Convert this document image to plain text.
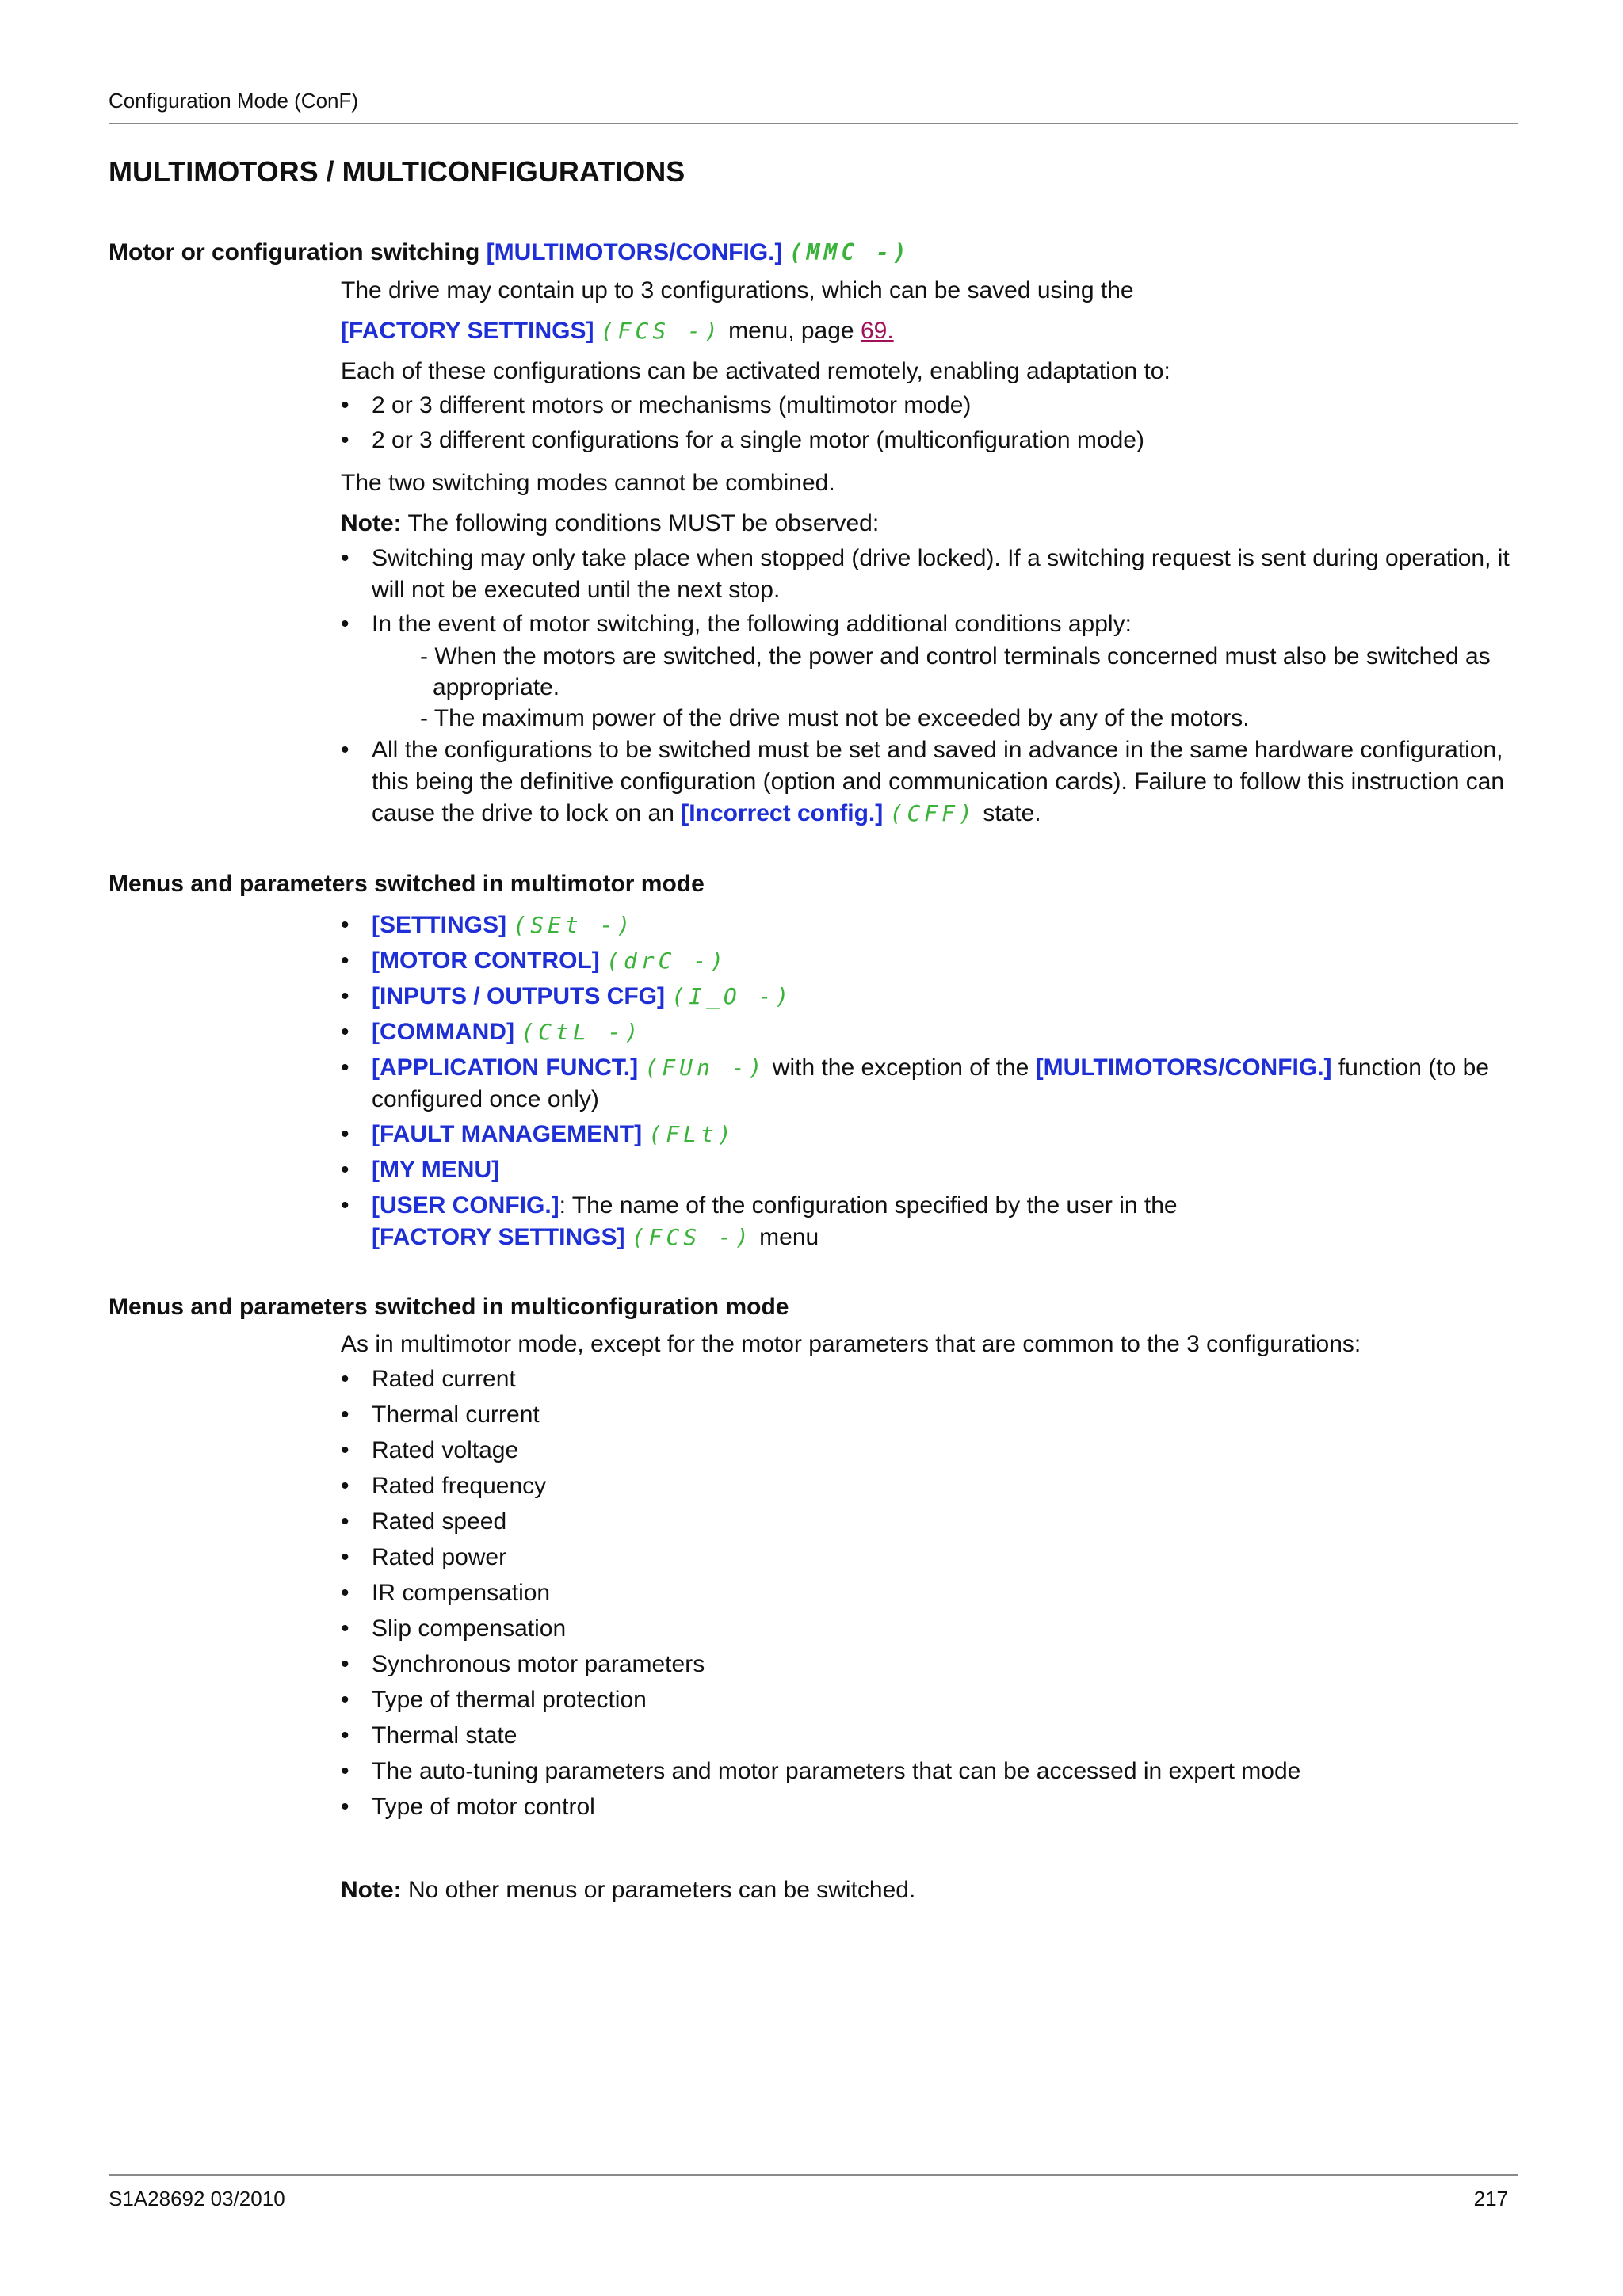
Configuration Mode (ConF)
MULTIMOTORS / MULTICONFIGURATIONS
Motor or configuration switching [MULTIMOTORS/CONFIG.] (MMC -)
The drive may contain up to 3 configurations, which can be saved using the
[FACTORY SETTINGS] (FCS -) menu, page 69.
Each of these configurations can be activated remotely, enabling adaptation to:
• 2 or 3 different motors or mechanisms (multimotor mode)
• 2 or 3 different configurations for a single motor (multiconfiguration mode)
The two switching modes cannot be combined.
Note: The following conditions MUST be observed:
• Switching may only take place when stopped (drive locked). If a switching request is sent during operation, it will not be executed until the next stop.
• In the event of motor switching, the following additional conditions apply:
- When the motors are switched, the power and control terminals concerned must also be switched as appropriate.
- The maximum power of the drive must not be exceeded by any of the motors.
• All the configurations to be switched must be set and saved in advance in the same hardware configuration, this being the definitive configuration (option and communication cards). Failure to follow this instruction can cause the drive to lock on an [Incorrect config.] (CFF) state.
Menus and parameters switched in multimotor mode
• [SETTINGS] (SEt -)
• [MOTOR CONTROL] (drC -)
• [INPUTS / OUTPUTS CFG] (I_O -)
• [COMMAND] (CtL -)
• [APPLICATION FUNCT.] (FUn -) with the exception of the [MULTIMOTORS/CONFIG.] function (to be configured once only)
• [FAULT MANAGEMENT] (FLt)
• [MY MENU]
• [USER CONFIG.]: The name of the configuration specified by the user in the
[FACTORY SETTINGS] (FCS -) menu
Menus and parameters switched in multiconfiguration mode
As in multimotor mode, except for the motor parameters that are common to the 3 configurations:
• Rated current
• Thermal current
• Rated voltage
• Rated frequency
• Rated speed
• Rated power
• IR compensation
• Slip compensation
• Synchronous motor parameters
• Type of thermal protection
• Thermal state
• The auto-tuning parameters and motor parameters that can be accessed in expert mode
• Type of motor control
Note: No other menus or parameters can be switched.
S1A28692 03/2010	217
